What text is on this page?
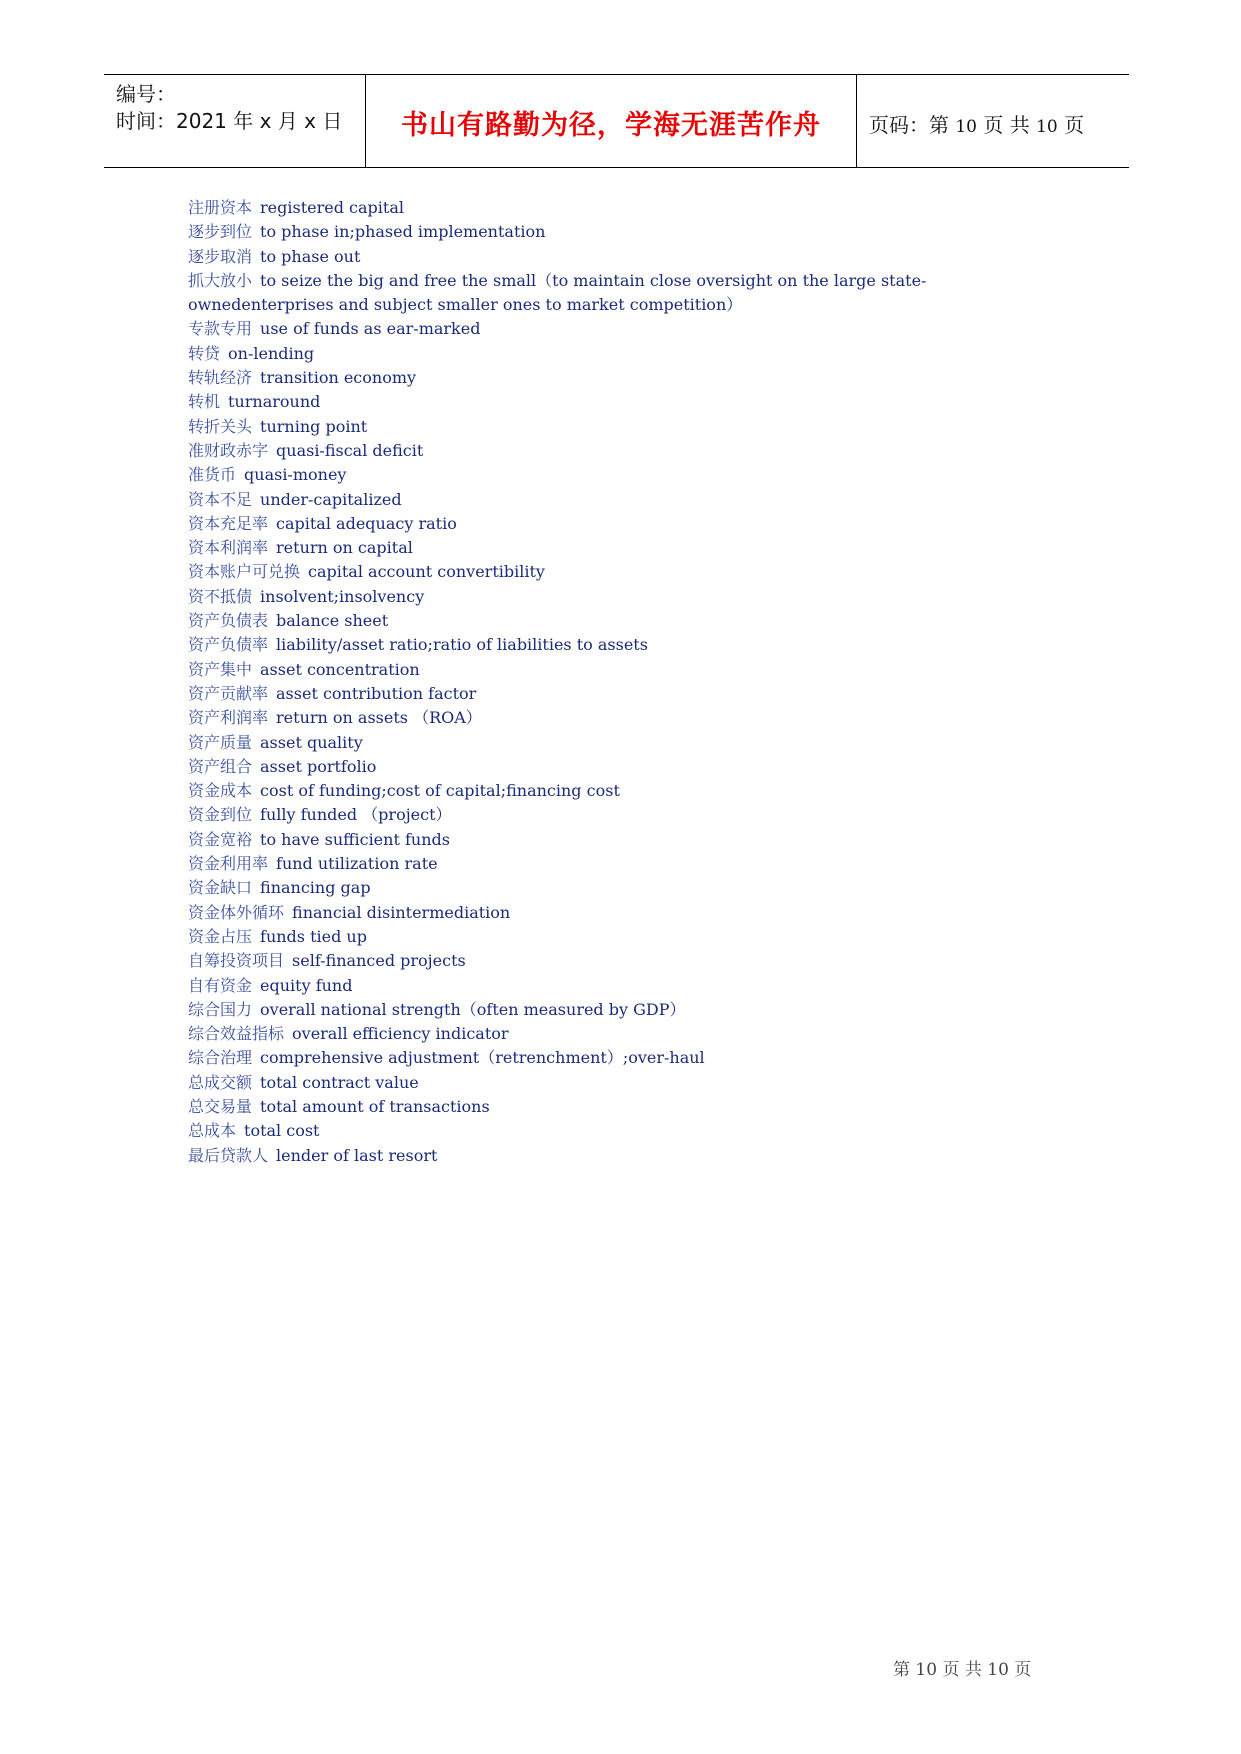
编号：
时间：2021 年 x 月 x 日 书山有路勤为径，学海无涯苦作舟 页码：第 10 页 共 10 页
注册资本 registered capital
逐步到位 to phase in;phased implementation
逐步取消 to phase out
抓大放小 to seize the big and free the small（to maintain close oversight on the large state-ownedenterprises and subject smaller ones to market competition）
专款专用 use of funds as ear-marked
转贷 on-lending
转轨经济 transition economy
转机 turnaround
转折关头 turning point
准财政赤字 quasi-fiscal deficit
准货币 quasi-money
资本不足 under-capitalized
资本充足率 capital adequacy ratio
资本利润率 return on capital
资本账户可兑换 capital account convertibility
资不抵债 insolvent;insolvency
资产负债表 balance sheet
资产负债率 liability/asset ratio;ratio of liabilities to assets
资产集中 asset concentration
资产贡献率 asset contribution factor
资产利润率 return on assets （ROA）
资产质量 asset quality
资产组合 asset portfolio
资金成本 cost of funding;cost of capital;financing cost
资金到位 fully funded （project）
资金宽裕 to have sufficient funds
资金利用率 fund utilization rate
资金缺口 financing gap
资金体外循环 financial disintermediation
资金占压 funds tied up
自筹投资项目 self-financed projects
自有资金 equity fund
综合国力 overall national strength（often measured by GDP）
综合效益指标 overall efficiency indicator
综合治理 comprehensive adjustment（retrenchment）;over-haul
总成交额 total contract value
总交易量 total amount of transactions
总成本 total cost
最后贷款人 lender of last resort
第 10 页 共 10 页
